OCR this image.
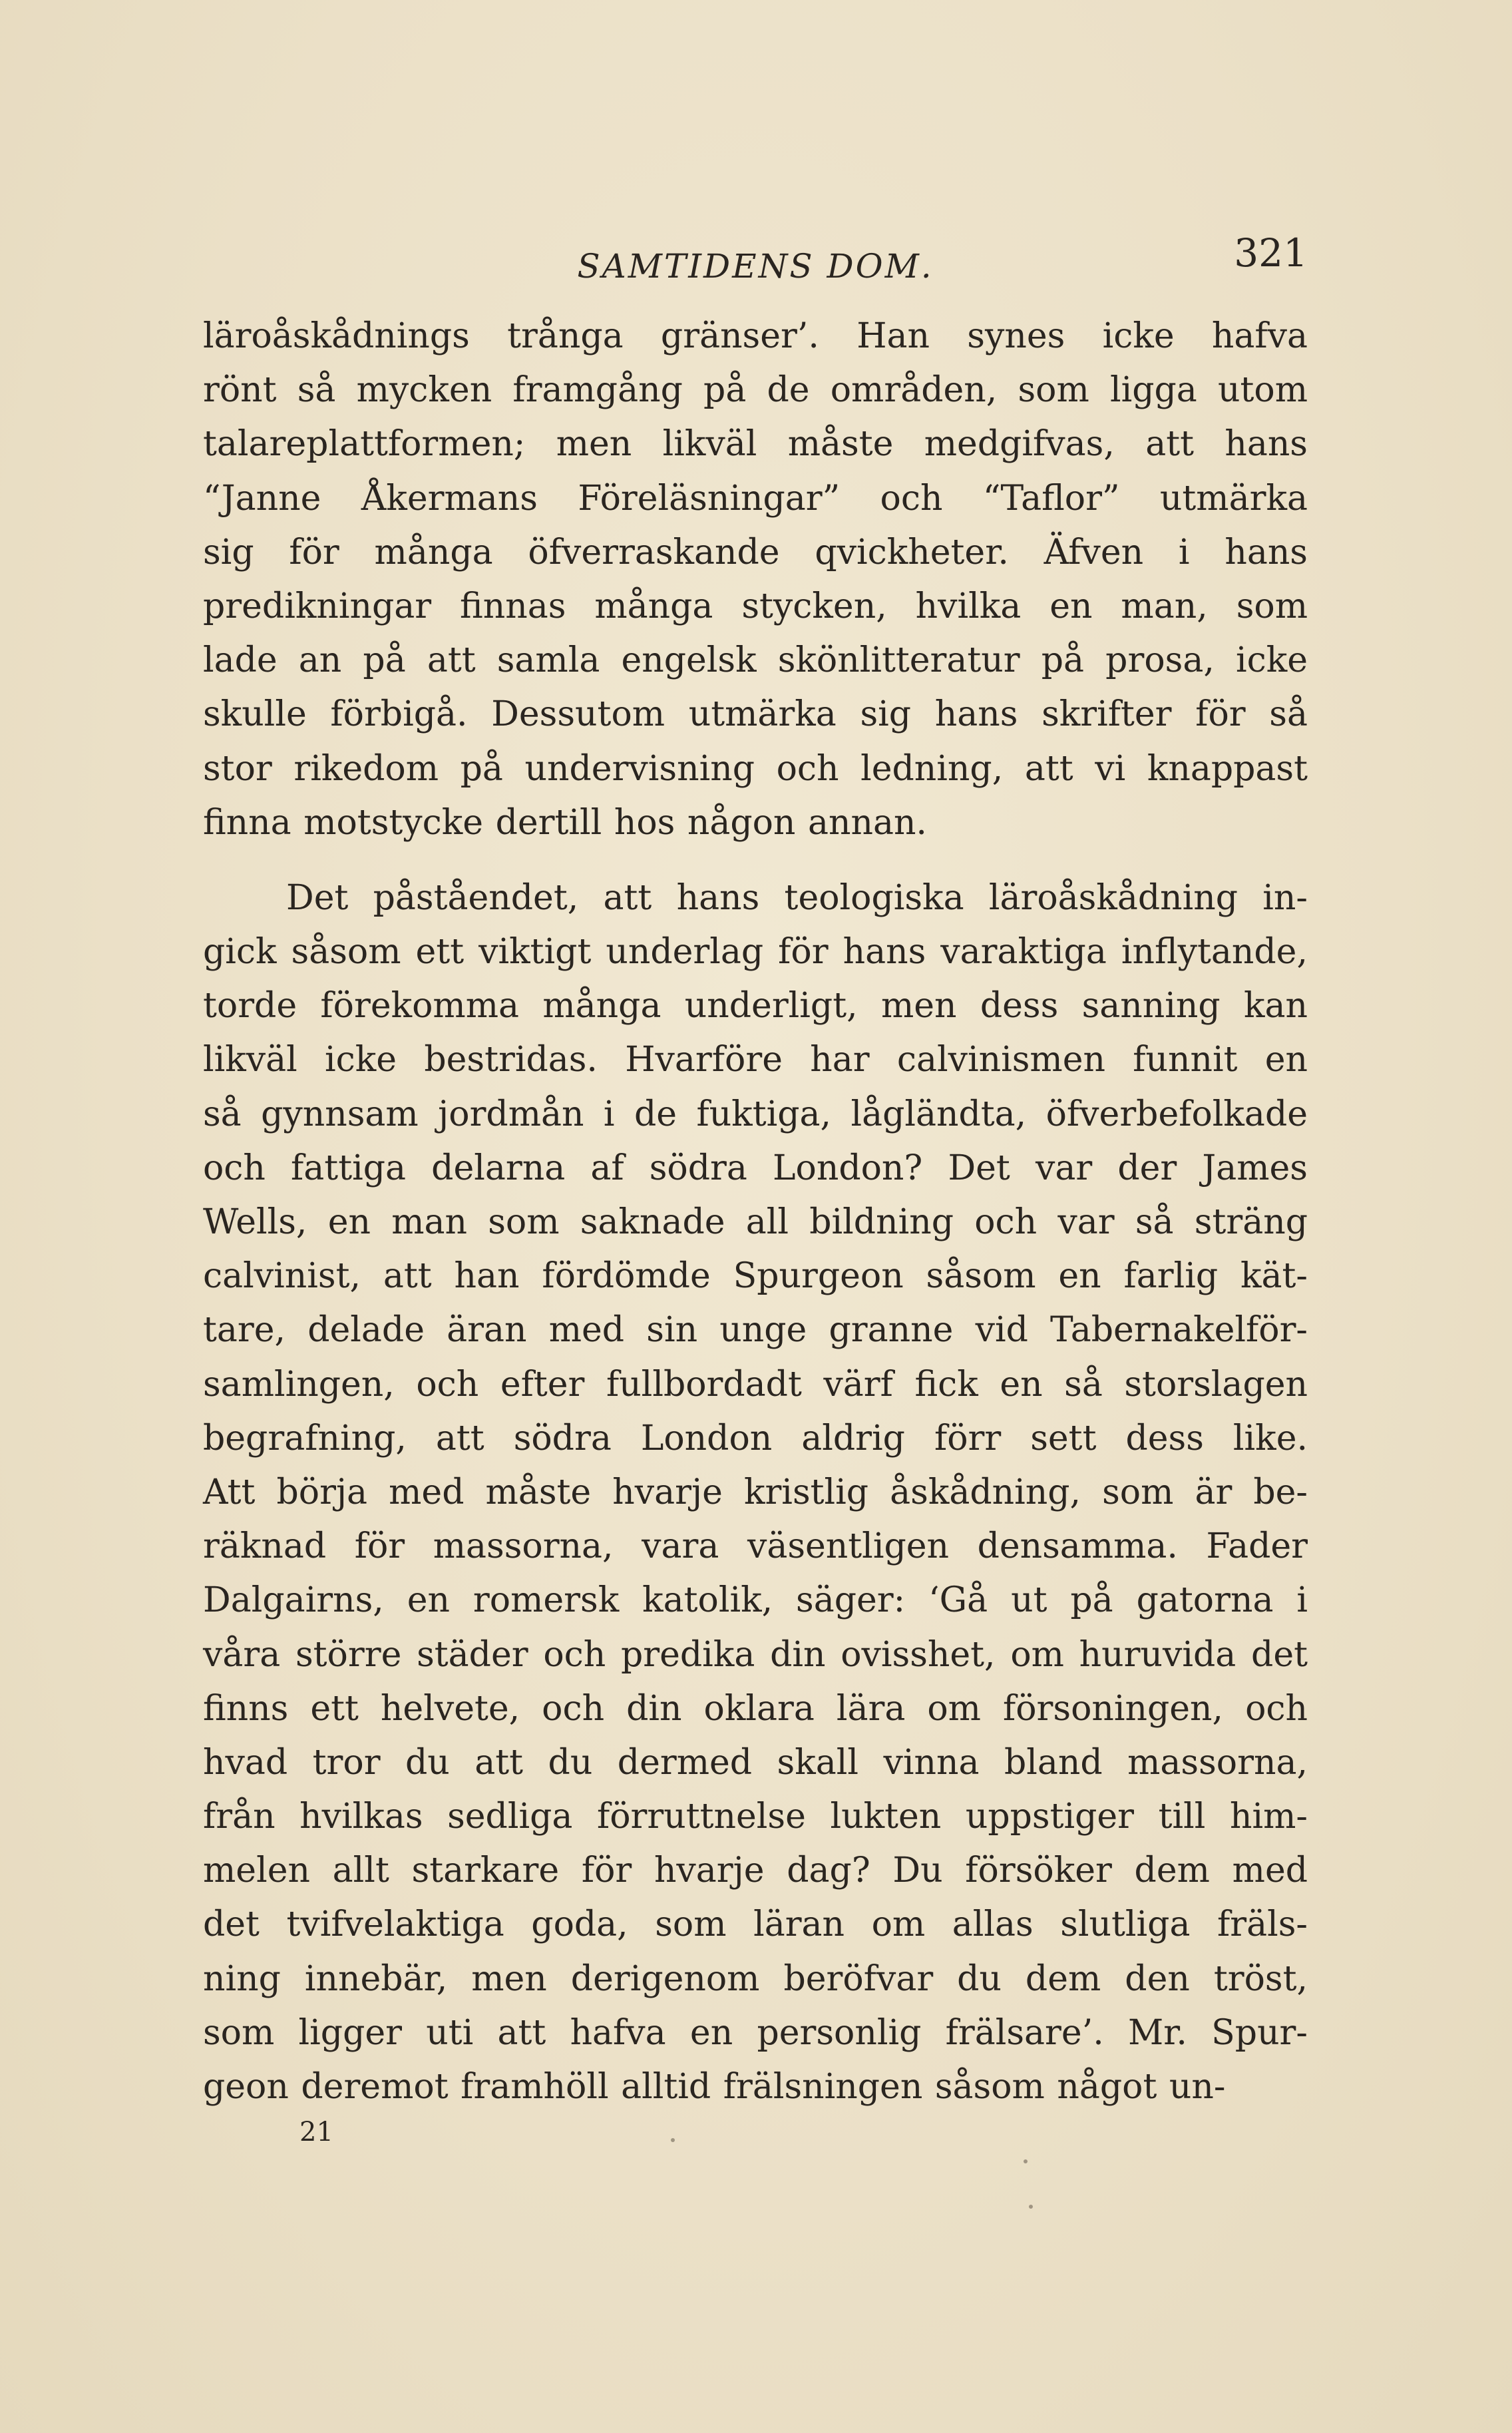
SAMTIDENS DOM.	321
läroåskådnings trånga gränser’. Han synes icke hafva
rönt så mycken framgång på de områden, som ligga utom
talareplattformen; men likväl måste medgifvas, att hans
“Janne Åkermans Föreläsningar” och “Taflor” utmärka
sig för många öfverraskande qvickheter. Äfven i hans
predikningar finnas många stycken, hvilka en man, som
lade an på att samla engelsk skönlitteratur på prosa, icke
skulle förbigå. Dessutom utmärka sig hans skrifter för så
stor rikedom på undervisning och ledning, att vi knappast
finna motstycke dertill hos någon annan.
Det påståendet, att hans teologiska läroåskådning in-
gick såsom ett viktigt underlag för hans varaktiga inflytande,
torde förekomma många underligt, men dess sanning kan
likväl icke bestridas. Hvarföre har calvinismen funnit en
så gynnsam jordmån i de fuktiga, lågländta, öfverbefolkade
och fattiga delarna af södra London? Det var der James
Wells, en man som saknade all bildning och var så sträng
calvinist, att han fördömde Spurgeon såsom en farlig kät-
tare, delade äran med sin unge granne vid Tabernakelför-
samlingen, och efter fullbordadt värf fick en så storslagen
begrafning, att södra London aldrig förr sett dess like.
Att börja med måste hvarje kristlig åskådning, som är be-
räknad för massorna, vara väsentligen densamma. Fader
Dalgairns, en romersk katolik, säger: ‘Gå ut på gatorna i
våra större städer och predika din ovisshet, om huruvida det
finns ett helvete, och din oklara lära om försoningen, och
hvad tror du att du dermed skall vinna bland massorna,
från hvilkas sedliga förruttnelse lukten uppstiger till him-
melen allt starkare för hvarje dag? Du försöker dem med
det tvifvelaktiga goda, som läran om allas slutliga fräls-
ning innebär, men derigenom beröfvar du dem den tröst,
som ligger uti att hafva en personlig frälsare’. Mr. Spur-
geon deremot framhöll alltid frälsningen såsom något un-
21
